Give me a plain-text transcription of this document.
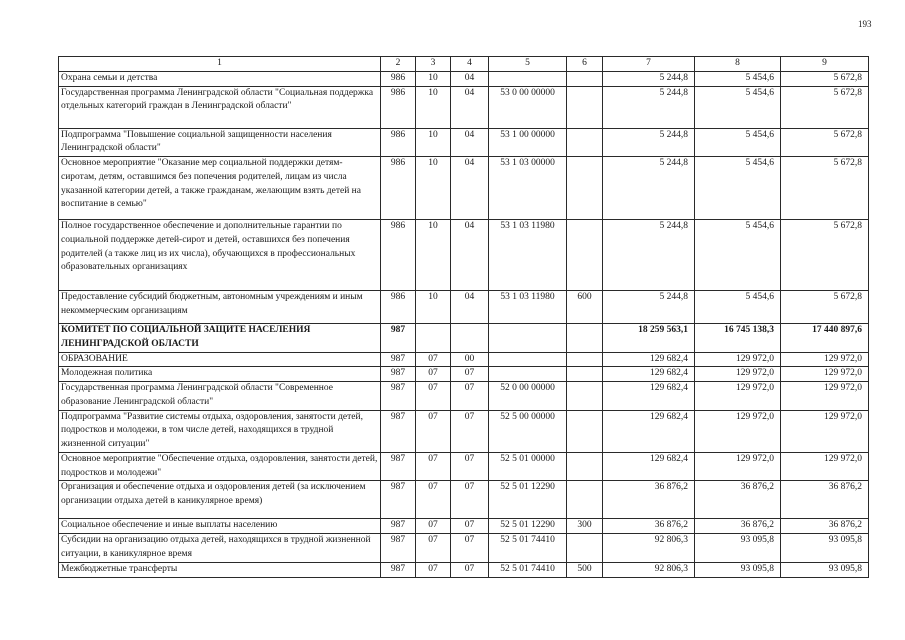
193
1	2	3	4	5	6	7	8	9
Охрана семьи и детства	986	10	04			5 244,8	5 454,6	5 672,8
Государственная программа Ленинградской области "Социальная поддержка отдельных категорий граждан в Ленинградской области"	986	10	04	53 0 00 00000		5 244,8	5 454,6	5 672,8
Подпрограмма "Повышение социальной защищенности населения Ленинградской области"	986	10	04	53 1 00 00000		5 244,8	5 454,6	5 672,8
Основное мероприятие "Оказание мер социальной поддержки детям-сиротам, детям, оставшимся без попечения родителей, лицам из числа указанной категории детей, а также гражданам, желающим взять детей на воспитание в семью"	986	10	04	53 1 03 00000		5 244,8	5 454,6	5 672,8
Полное государственное обеспечение и дополнительные гарантии по социальной поддержке детей-сирот и детей, оставшихся без попечения родителей (а также лиц из их числа), обучающихся в профессиональных образовательных организациях	986	10	04	53 1 03 11980		5 244,8	5 454,6	5 672,8
Предоставление субсидий бюджетным, автономным учреждениям и иным некоммерческим организациям	986	10	04	53 1 03 11980	600	5 244,8	5 454,6	5 672,8
КОМИТЕТ ПО СОЦИАЛЬНОЙ ЗАЩИТЕ НАСЕЛЕНИЯ ЛЕНИНГРАДСКОЙ ОБЛАСТИ	987					18 259 563,1	16 745 138,3	17 440 897,6
ОБРАЗОВАНИЕ	987	07	00			129 682,4	129 972,0	129 972,0
Молодежная политика	987	07	07			129 682,4	129 972,0	129 972,0
Государственная программа Ленинградской области "Современное образование Ленинградской области"	987	07	07	52 0 00 00000		129 682,4	129 972,0	129 972,0
Подпрограмма "Развитие системы отдыха, оздоровления, занятости детей, подростков и молодежи, в том числе детей, находящихся в трудной жизненной ситуации"	987	07	07	52 5 00 00000		129 682,4	129 972,0	129 972,0
Основное мероприятие "Обеспечение отдыха, оздоровления, занятости детей, подростков и молодежи"	987	07	07	52 5 01 00000		129 682,4	129 972,0	129 972,0
Организация и обеспечение отдыха и оздоровления детей (за исключением организации отдыха детей в каникулярное время)	987	07	07	52 5 01 12290		36 876,2	36 876,2	36 876,2
Социальное обеспечение и иные выплаты населению	987	07	07	52 5 01 12290	300	36 876,2	36 876,2	36 876,2
Субсидии на организацию отдыха детей, находящихся в трудной жизненной ситуации, в каникулярное время	987	07	07	52 5 01 74410		92 806,3	93 095,8	93 095,8
Межбюджетные трансферты	987	07	07	52 5 01 74410	500	92 806,3	93 095,8	93 095,8
